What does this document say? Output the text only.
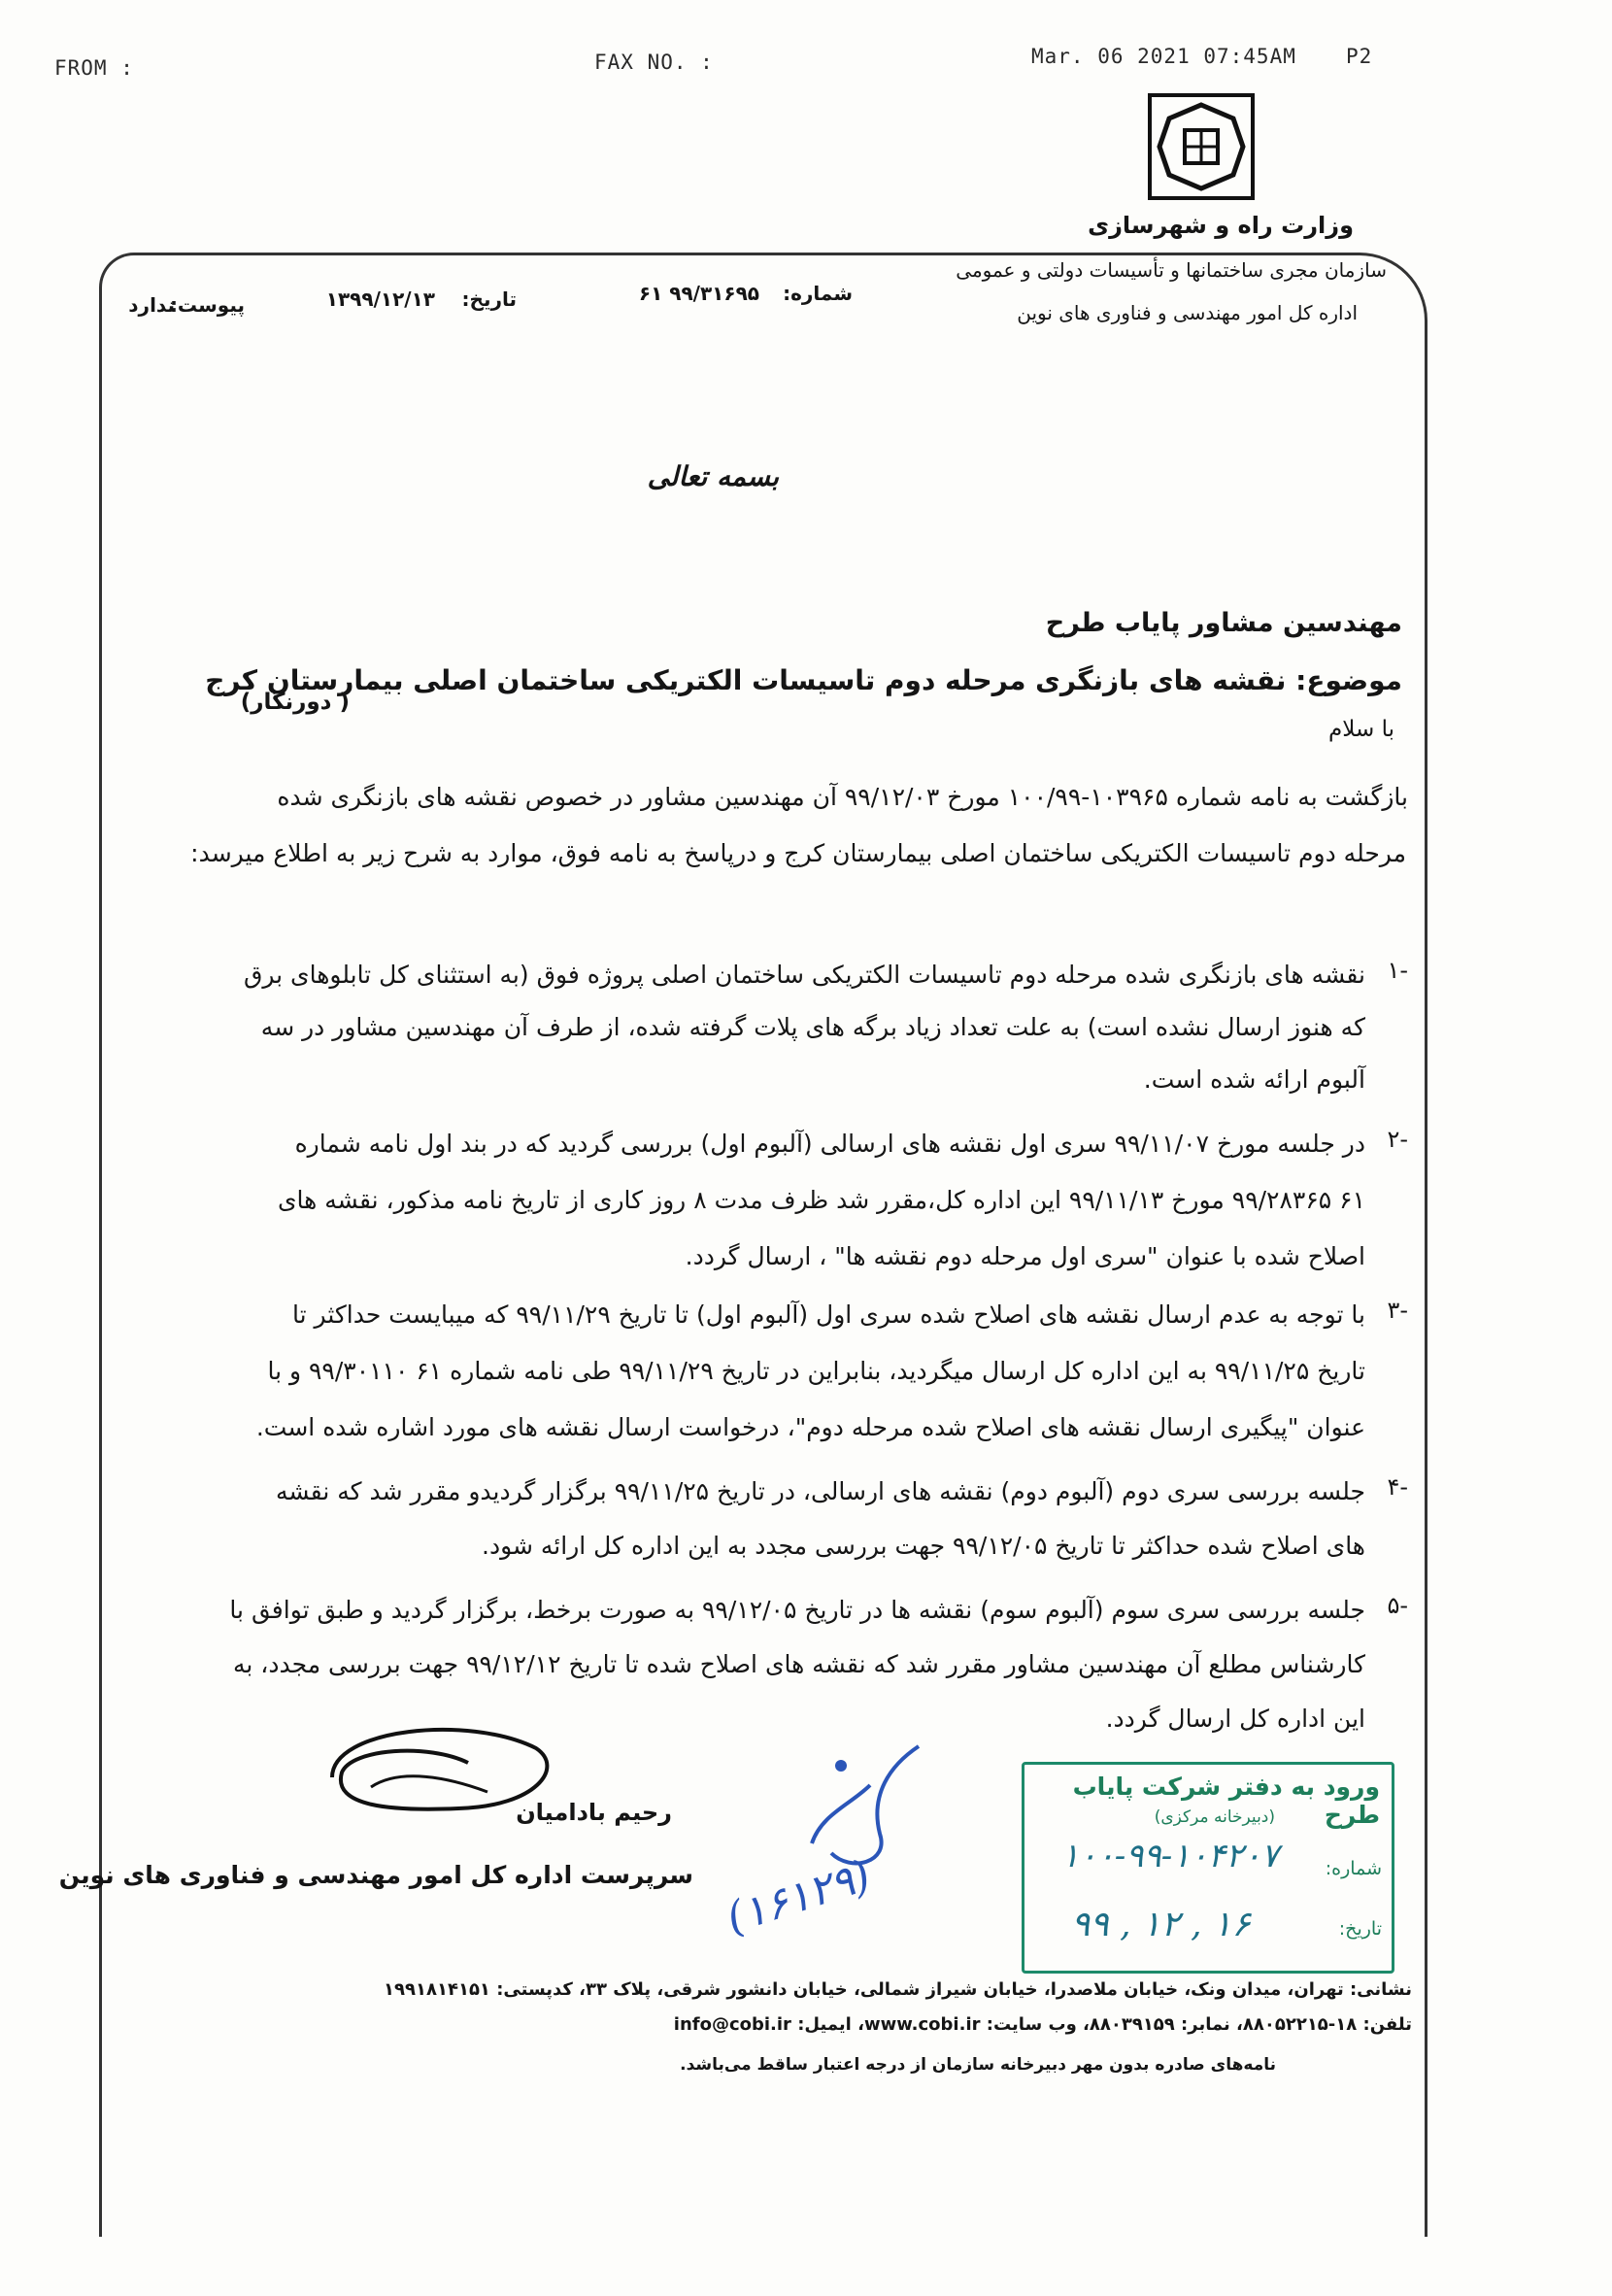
FROM :	FAX NO. :	Mar. 06 2021 07:45AM P2
وزارت راه و شهرسازی
سازمان مجری ساختمانها و تأسیسات دولتی و عمومی
اداره کل امور مهندسی و فناوری های نوین
شماره:
۶۱ ۹۹/۳۱۶۹۵
تاریخ:
۱۳۹۹/۱۲/۱۳
پیوست:
ندارد
بسمه تعالی
مهندسین مشاور پایاب طرح
موضوع: نقشه های بازنگری مرحله دوم تاسیسات الکتریکی ساختمان اصلی بیمارستان کرج
( دورنگار)
با سلام
بازگشت به نامه شماره ۱۰۳۹۶۵-۱۰۰/۹۹ مورخ ۹۹/۱۲/۰۳ آن مهندسین مشاور در خصوص نقشه های بازنگری شده
مرحله دوم تاسیسات الکتریکی ساختمان اصلی بیمارستان کرج و درپاسخ به نامه فوق، موارد به شرح زیر به اطلاع میرسد:
-۱
نقشه های بازنگری شده مرحله دوم تاسیسات الکتریکی ساختمان اصلی پروژه فوق (به استثنای کل تابلوهای برق
که هنوز ارسال نشده است) به علت تعداد زیاد برگه های پلات گرفته شده، از طرف آن مهندسین مشاور در سه
آلبوم ارائه شده است.
-۲
در جلسه مورخ ۹۹/۱۱/۰۷ سری اول نقشه های ارسالی (آلبوم اول) بررسی گردید که در بند اول نامه شماره
۶۱ ۹۹/۲۸۳۶۵ مورخ ۹۹/۱۱/۱۳ این اداره کل،مقرر شد ظرف مدت ۸ روز کاری از تاریخ نامه مذکور، نقشه های
اصلاح شده با عنوان "سری اول مرحله دوم نقشه ها" ، ارسال گردد.
-۳
با توجه به عدم ارسال نقشه های اصلاح شده سری اول (آلبوم اول) تا تاریخ ۹۹/۱۱/۲۹ که میبایست حداکثر تا
تاریخ ۹۹/۱۱/۲۵ به این اداره کل ارسال میگردید، بنابراین در تاریخ ۹۹/۱۱/۲۹ طی نامه شماره ۶۱ ۹۹/۳۰۱۱۰ و با
عنوان "پیگیری ارسال نقشه های اصلاح شده مرحله دوم"، درخواست ارسال نقشه های مورد اشاره شده است.
-۴
جلسه بررسی سری دوم (آلبوم دوم) نقشه های ارسالی، در تاریخ ۹۹/۱۱/۲۵ برگزار گردیدو مقرر شد که نقشه
های اصلاح شده حداکثر تا تاریخ ۹۹/۱۲/۰۵ جهت بررسی مجدد به این اداره کل ارائه شود.
-۵
جلسه بررسی سری سوم (آلبوم سوم) نقشه ها در تاریخ ۹۹/۱۲/۰۵ به صورت برخط، برگزار گردید و طبق توافق با
کارشناس مطلع آن مهندسین مشاور مقرر شد که نقشه های اصلاح شده تا تاریخ ۹۹/۱۲/۱۲ جهت بررسی مجدد، به
این اداره کل ارسال گردد.
(۱۶۱۲۹)
رحیم بادامیان
سرپرست اداره کل امور مهندسی و فناوری های نوین
ورود به دفتر شرکت پایاب طرح
(دبیرخانه مرکزی)
شماره:
۱۰۰-۹۹-۱۰۴۲۰۷
تاریخ:
۹۹ , ۱۲ , ۱۶
نشانی: تهران، میدان ونک، خیابان ملاصدرا، خیابان شیراز شمالی، خیابان دانشور شرقی، پلاک ۳۳، کدپستی: ۱۹۹۱۸۱۴۱۵۱
تلفن: ۱۸-۸۸۰۵۲۲۱۵، نمابر: ۸۸۰۳۹۱۵۹، وب سایت: www.cobi.ir، ایمیل: info@cobi.ir
نامه‌های صادره بدون مهر دبیرخانه سازمان از درجه اعتبار ساقط می‌باشد.
